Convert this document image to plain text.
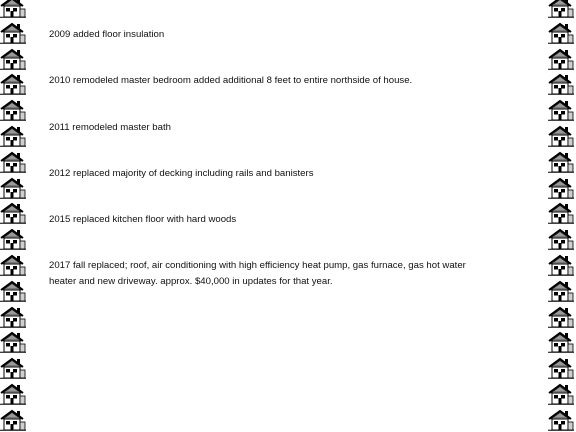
2009 added floor insulation
2010 remodeled master bedroom added additional 8 feet to entire northside of house.
2011 remodeled master bath
2012 replaced majority of decking including rails and banisters
2015 replaced kitchen floor with hard woods
2017 fall replaced; roof, air conditioning with high efficiency heat pump, gas furnace, gas hot water
heater and new driveway. approx. $40,000 in updates for that year.
